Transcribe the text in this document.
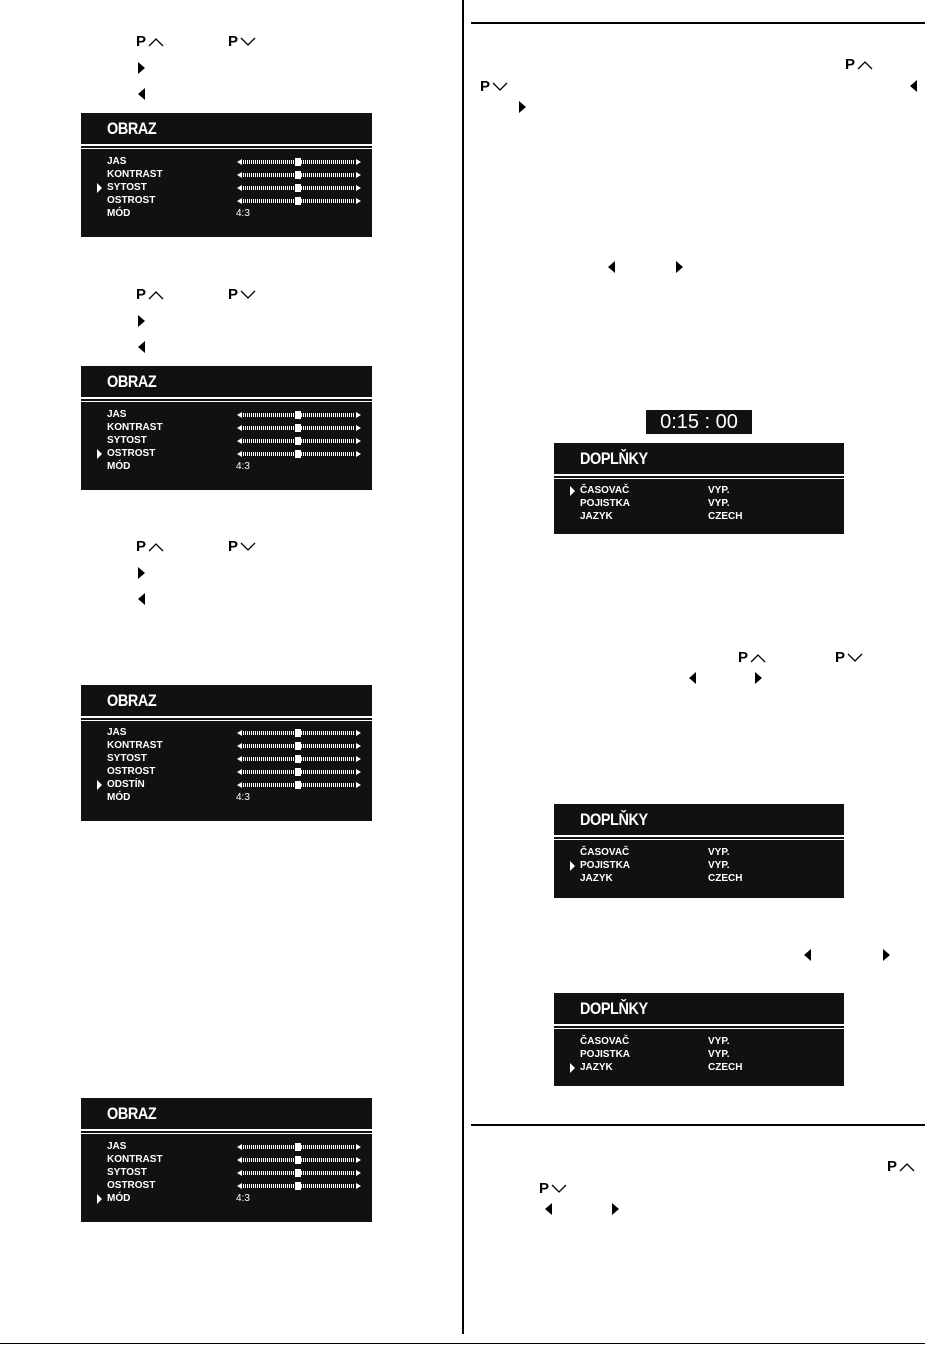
P	P
OBRAZ
JAS
KONTRAST
SYTOST
OSTROST
MÓD	4:3
P	P
OBRAZ
JAS
KONTRAST
SYTOST
OSTROST
MÓD	4:3
P	P
OBRAZ
JAS
KONTRAST
SYTOST
OSTROST
ODSTÍN
MÓD	4:3
OBRAZ
JAS
KONTRAST
SYTOST
OSTROST
MÓD	4:3
P
P
0:15 : 00
DOPLŇKY
ČASOVAČ	VYP.
POJISTKA	VYP.
JAZYK	CZECH
P	P
DOPLŇKY
ČASOVAČ	VYP.
POJISTKA	VYP.
JAZYK	CZECH
DOPLŇKY
ČASOVAČ	VYP.
POJISTKA	VYP.
JAZYK	CZECH
P
P
